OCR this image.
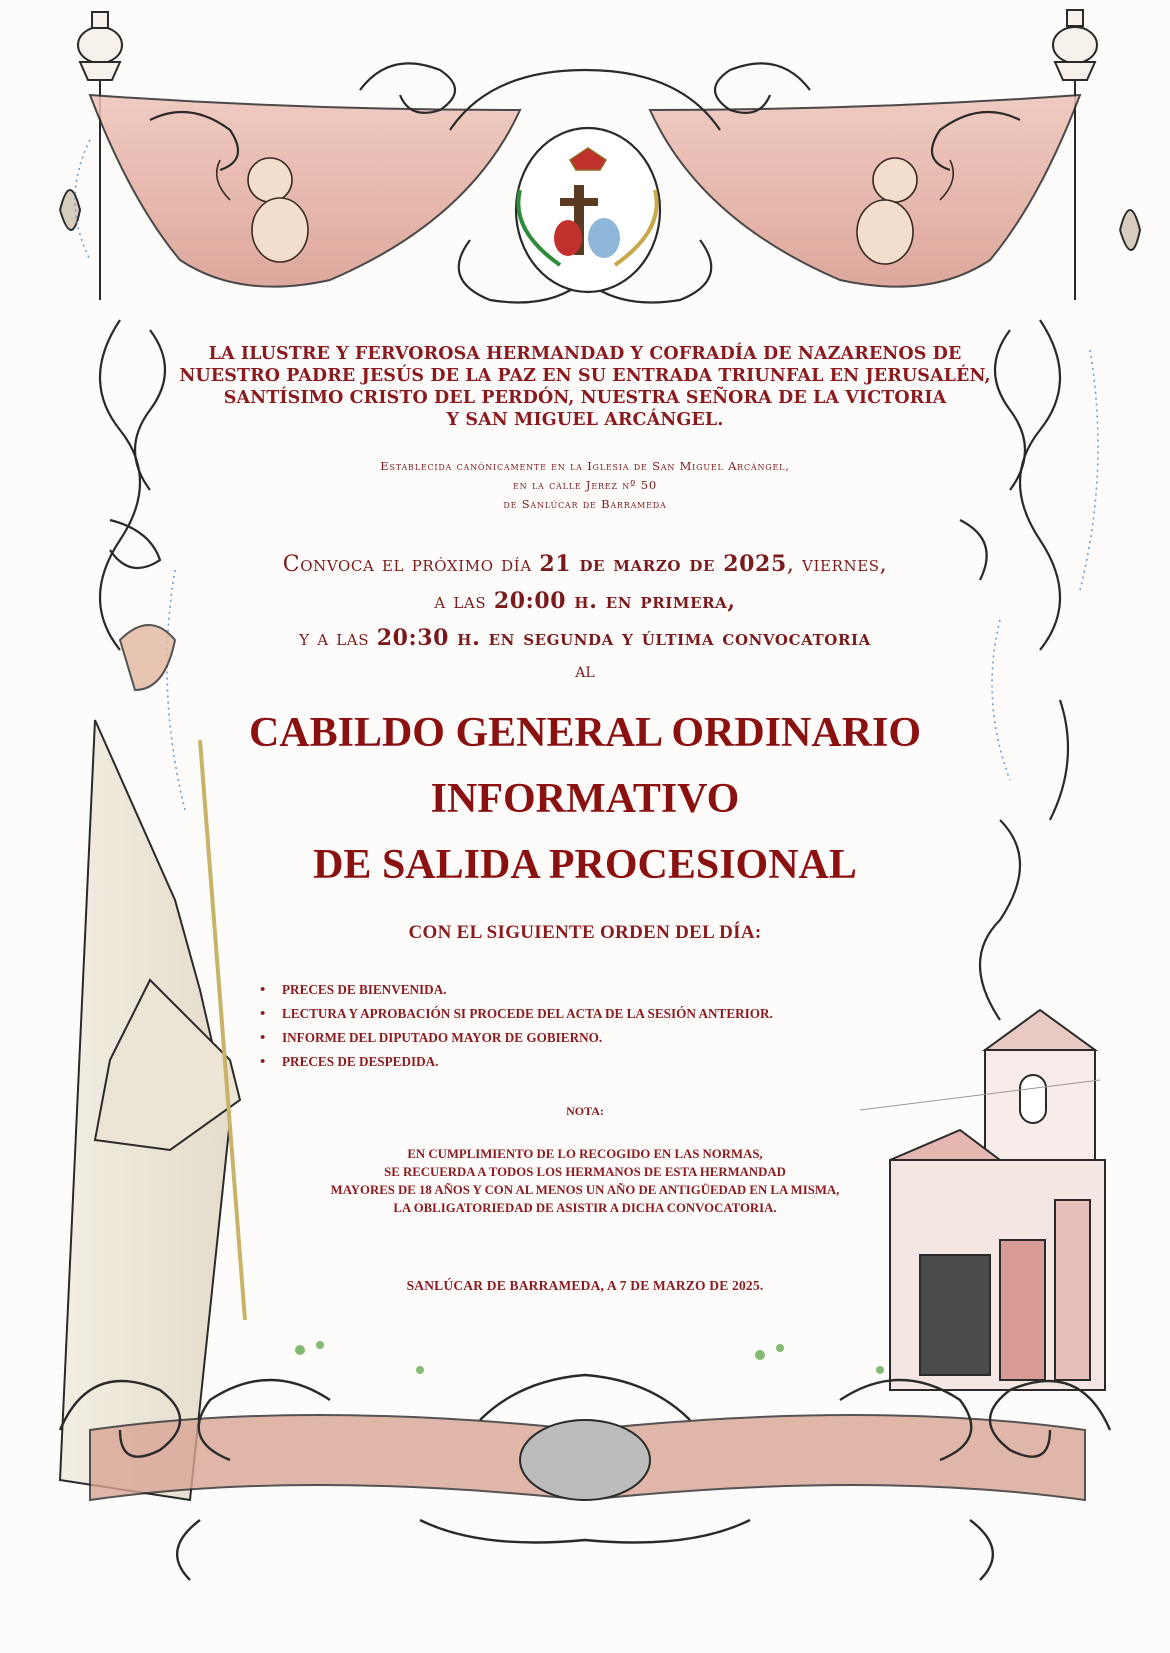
LA ILUSTRE Y FERVOROSA HERMANDAD Y COFRADÍA DE NAZARENOS DE
NUESTRO PADRE JESÚS DE LA PAZ EN SU ENTRADA TRIUNFAL EN JERUSALÉN,
SANTÍSIMO CRISTO DEL PERDÓN, NUESTRA SEÑORA DE LA VICTORIA
Y SAN MIGUEL ARCÁNGEL.
Establecida canónicamente en la Iglesia de San Miguel Arcángel,
en la calle Jerez nº 50
de Sanlúcar de Barrameda
Convoca el próximo día 21 de marzo de 2025, viernes,
a las 20:00 h. en primera,
y a las 20:30 h. en segunda y última convocatoria
al
CABILDO GENERAL ORDINARIO
INFORMATIVO
DE SALIDA PROCESIONAL
CON EL SIGUIENTE ORDEN DEL DÍA:
• PRECES DE BIENVENIDA.
• LECTURA Y APROBACIÓN SI PROCEDE DEL ACTA DE LA SESIÓN ANTERIOR.
• INFORME DEL DIPUTADO MAYOR DE GOBIERNO.
• PRECES DE DESPEDIDA.
NOTA:
EN CUMPLIMIENTO DE LO RECOGIDO EN LAS NORMAS,
SE RECUERDA A TODOS LOS HERMANOS DE ESTA HERMANDAD
MAYORES DE 18 AÑOS Y CON AL MENOS UN AÑO DE ANTIGÜEDAD EN LA MISMA,
LA OBLIGATORIEDAD DE ASISTIR A DICHA CONVOCATORIA.
SANLÚCAR DE BARRAMEDA, A 7 DE MARZO DE 2025.
